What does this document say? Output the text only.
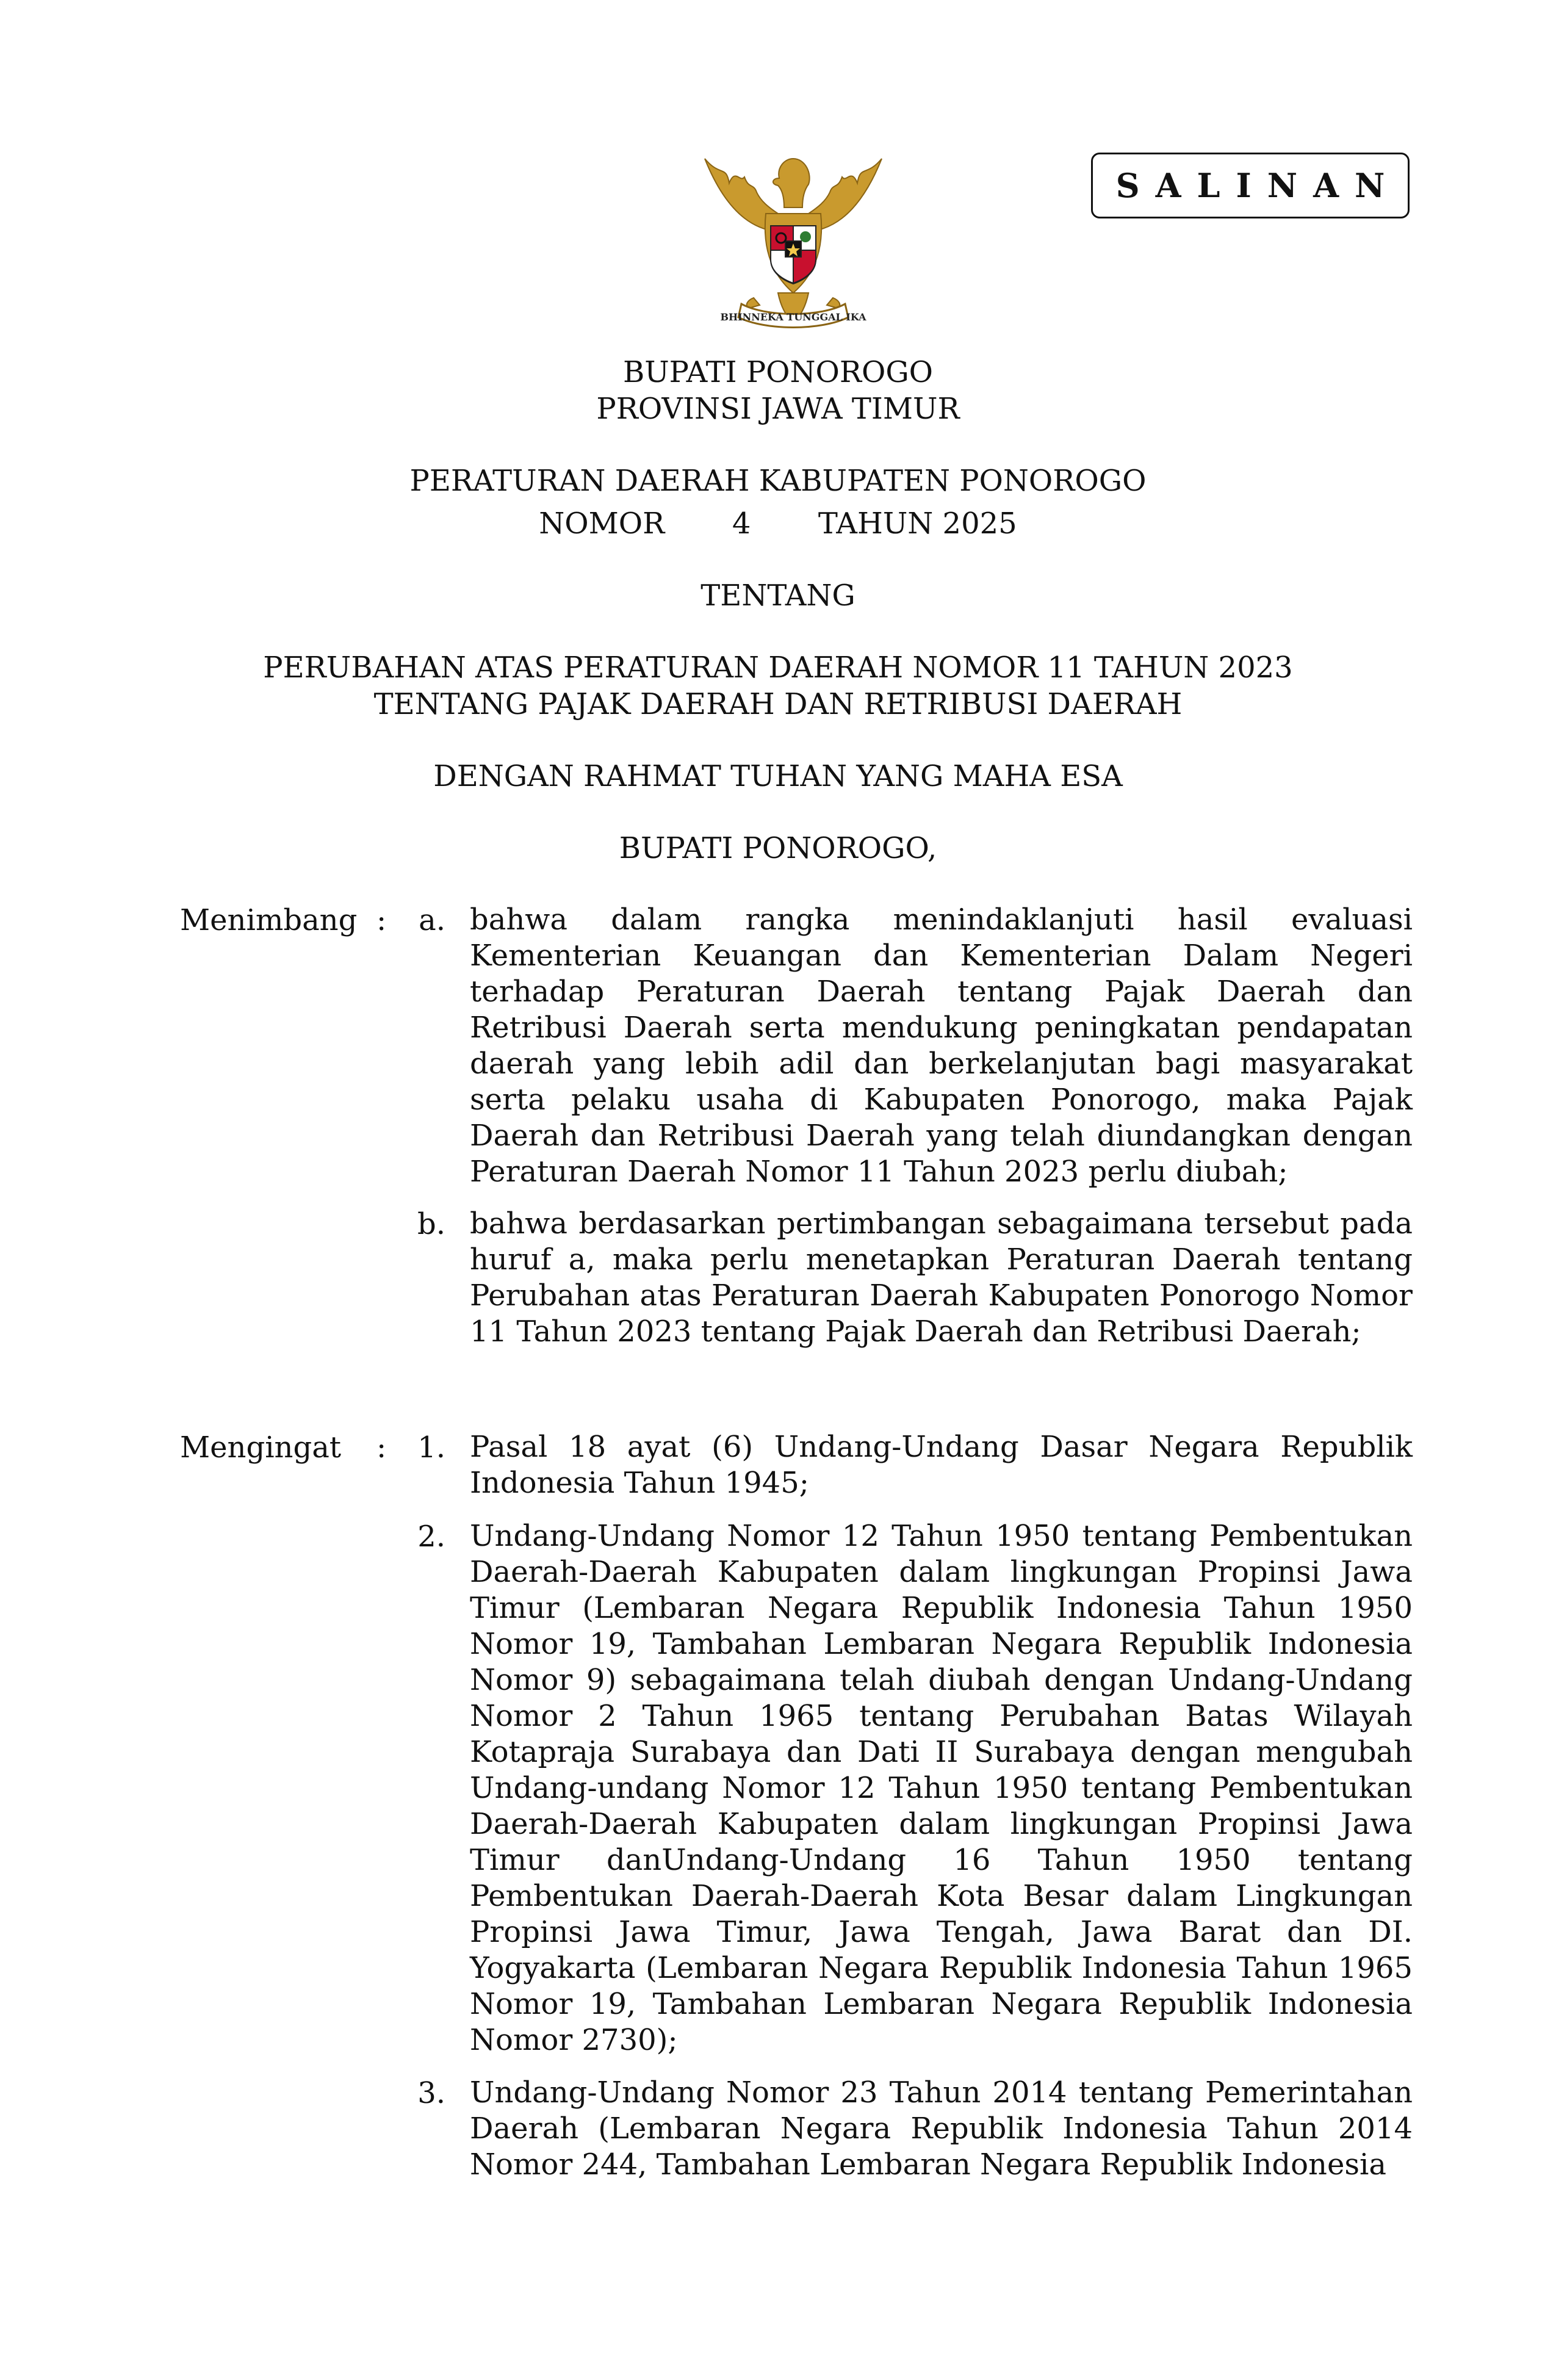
BHINNEKA TUNGGAL IKA
SALINAN
BUPATI PONOROGO
PROVINSI JAWA TIMUR
PERATURAN DAERAH KABUPATEN PONOROGO
NOMOR 4 TAHUN 2025
TENTANG
PERUBAHAN ATAS PERATURAN DAERAH NOMOR 11 TAHUN 2023
TENTANG PAJAK DAERAH DAN RETRIBUSI DAERAH
DENGAN RAHMAT TUHAN YANG MAHA ESA
BUPATI PONOROGO,
Menimbang :	a. bahwa dalam rangka menindaklanjuti hasil evaluasi Kementerian Keuangan dan Kementerian Dalam Negeri terhadap Peraturan Daerah tentang Pajak Daerah dan Retribusi Daerah serta mendukung peningkatan pendapatan daerah yang lebih adil dan berkelanjutan bagi masyarakat serta pelaku usaha di Kabupaten Ponorogo, maka Pajak Daerah dan Retribusi Daerah yang telah diundangkan dengan Peraturan Daerah Nomor 11 Tahun 2023 perlu diubah;
b. bahwa berdasarkan pertimbangan sebagaimana tersebut pada huruf a, maka perlu menetapkan Peraturan Daerah tentang Perubahan atas Peraturan Daerah Kabupaten Ponorogo Nomor 11 Tahun 2023 tentang Pajak Daerah dan Retribusi Daerah;
Mengingat :	1. Pasal 18 ayat (6) Undang-Undang Dasar Negara Republik Indonesia Tahun 1945;
2. Undang-Undang Nomor 12 Tahun 1950 tentang Pembentukan Daerah-Daerah Kabupaten dalam lingkungan Propinsi Jawa Timur (Lembaran Negara Republik Indonesia Tahun 1950 Nomor 19, Tambahan Lembaran Negara Republik Indonesia Nomor 9) sebagaimana telah diubah dengan Undang-Undang Nomor 2 Tahun 1965 tentang Perubahan Batas Wilayah Kotapraja Surabaya dan Dati II Surabaya dengan mengubah Undang-undang Nomor 12 Tahun 1950 tentang Pembentukan Daerah-Daerah Kabupaten dalam lingkungan Propinsi Jawa Timur danUndang-Undang 16 Tahun 1950 tentang Pembentukan Daerah-Daerah Kota Besar dalam Lingkungan Propinsi Jawa Timur, Jawa Tengah, Jawa Barat dan DI. Yogyakarta (Lembaran Negara Republik Indonesia Tahun 1965 Nomor 19, Tambahan Lembaran Negara Republik Indonesia Nomor 2730);
3. Undang-Undang Nomor 23 Tahun 2014 tentang Pemerintahan Daerah (Lembaran Negara Republik Indonesia Tahun 2014 Nomor 244, Tambahan Lembaran Negara Republik Indonesia
